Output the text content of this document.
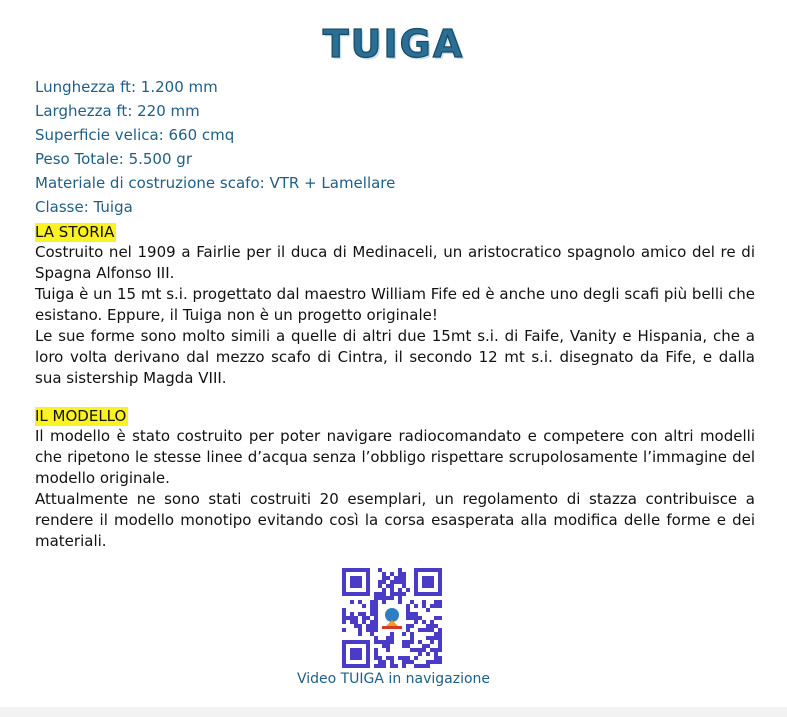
TUIGA
Lunghezza ft: 1.200 mm
Larghezza ft: 220 mm
Superficie velica: 660 cmq
Peso Totale: 5.500 gr
Materiale di costruzione scafo: VTR + Lamellare
Classe: Tuiga
LA STORIA

Costruito nel 1909 a Fairlie per il duca di Medinaceli, un aristocratico spagnolo amico del re di Spagna Alfonso III.

Tuiga è un 15 mt s.i. progettato dal maestro William Fife ed è anche uno degli scafi più belli che esistano. Eppure, il Tuiga non è un progetto originale!

Le sue forme sono molto simili a quelle di altri due 15mt s.i. di Faife, Vanity e Hispania, che a loro volta derivano dal mezzo scafo di Cintra, il secondo 12 mt s.i. disegnato da Fife, e dalla sua sistership Magda VIII.

IL MODELLO

Il modello è stato costruito per poter navigare radiocomandato e competere con altri modelli che ripetono le stesse linee d’acqua senza l’obbligo rispettare scrupolosamente l’immagine del modello originale.

Attualmente ne sono stati costruiti 20 esemplari, un regolamento di stazza contribuisce a rendere il modello monotipo evitando così la corsa esasperata alla modifica delle forme e dei materiali.

Video TUIGA in navigazione
